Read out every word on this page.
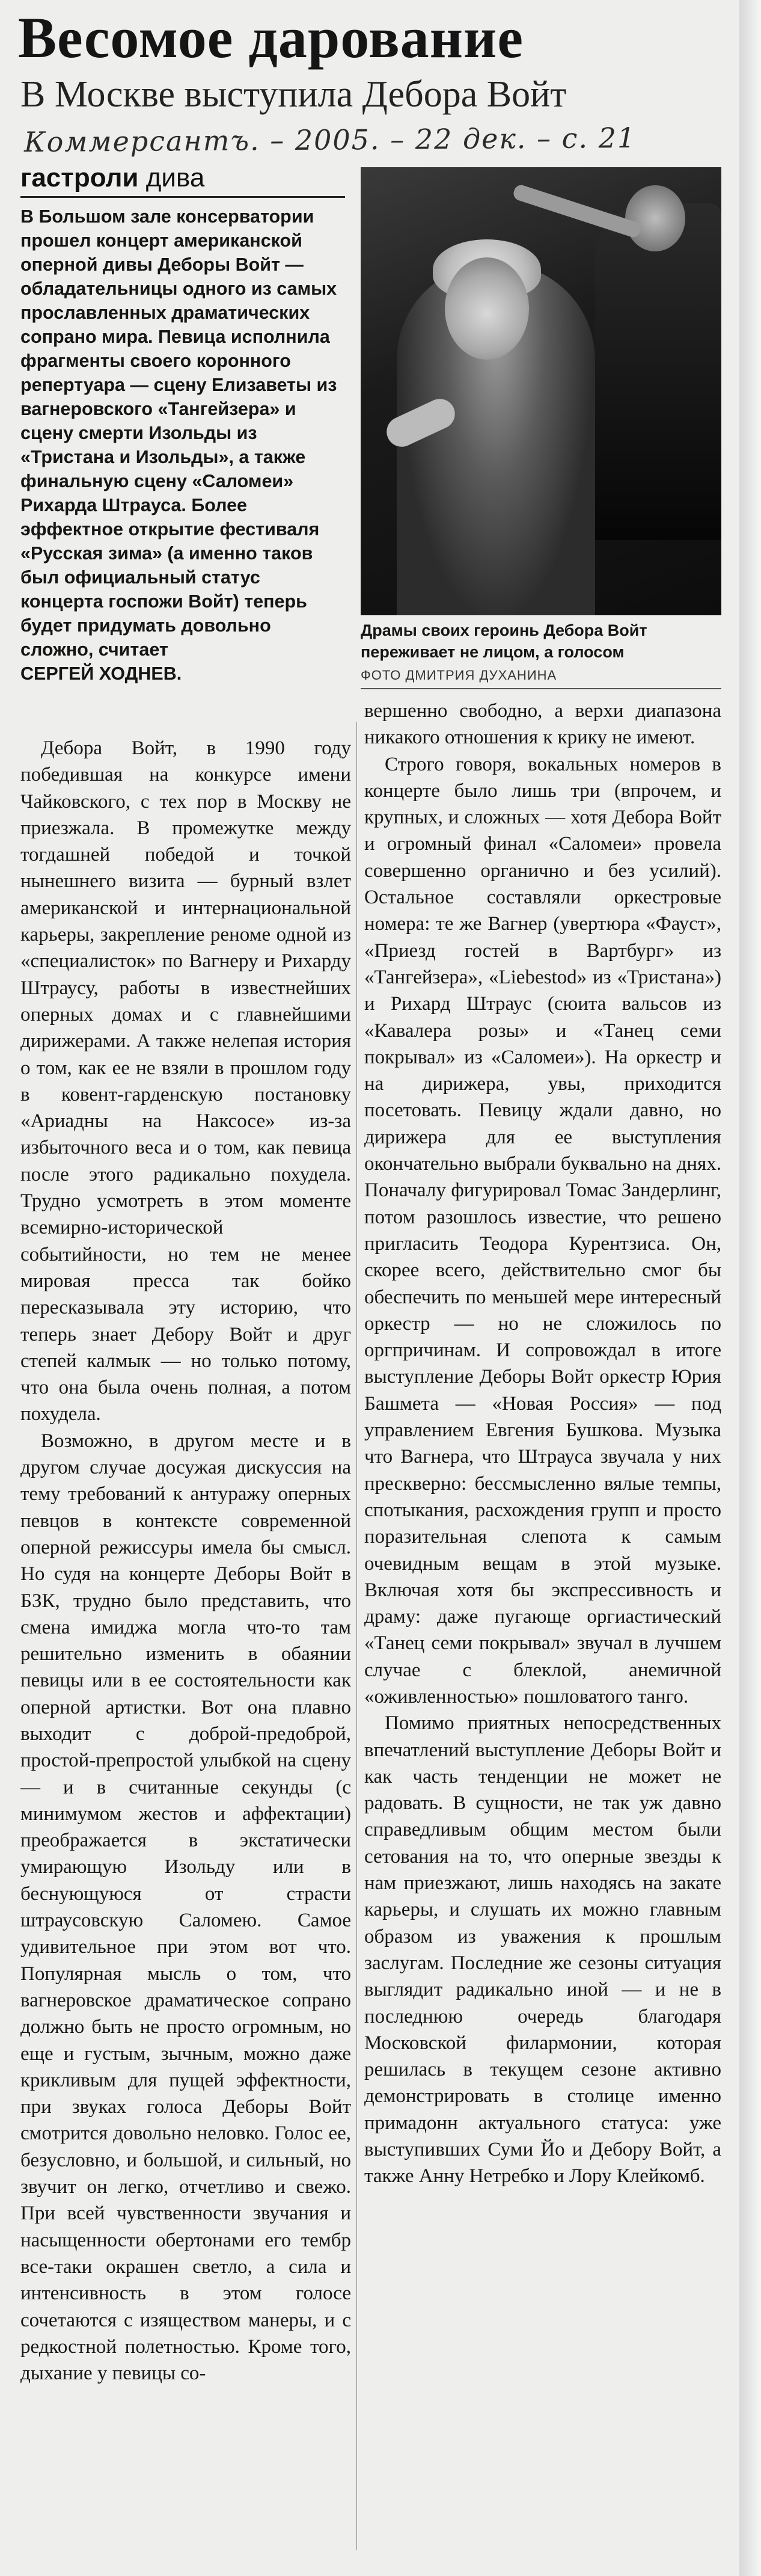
Весомое дарование
В Москве выступила Дебора Войт
Коммерсантъ. – 2005. – 22 дек. – с. 21
гастроли дива
В Большом зале консерватории прошел концерт американской оперной дивы Деборы Войт — обладательницы одного из самых прославленных драматических сопрано мира. Певица исполнила фрагменты своего коронного репертуара — сцену Елизаветы из вагнеровского «Тангейзера» и сцену смерти Изольды из «Тристана и Изольды», а также финальную сцену «Саломеи» Рихарда Штрауса. Более эффектное открытие фестиваля «Русская зима» (а именно таков был официальный статус концерта госпожи Войт) теперь будет придумать довольно сложно, считает
СЕРГЕЙ ХОДНЕВ.
Драмы своих героинь Дебора Войт переживает не лицом, а голосом
ФОТО ДМИТРИЯ ДУХАНИНА

Дебора Войт, в 1990 году победившая на конкурсе имени Чайковского, с тех пор в Москву не приезжала. В промежутке между тогдашней победой и точкой нынешнего визита — бурный взлет американской и интернациональной карьеры, закрепление реноме одной из «специалисток» по Вагнеру и Рихарду Штраусу, работы в известнейших оперных домах и с главнейшими дирижерами. А также нелепая история о том, как ее не взяли в прошлом году в ковент-гарденскую постановку «Ариадны на Наксосе» из-за избыточного веса и о том, как певица после этого радикально похудела. Трудно усмотреть в этом моменте всемирно-исторической событийности, но тем не менее мировая пресса так бойко пересказывала эту историю, что теперь знает Дебору Войт и друг степей калмык — но только потому, что она была очень полная, а потом похудела.

Возможно, в другом месте и в другом случае досужая дискуссия на тему требований к антуражу оперных певцов в контексте современной оперной режиссуры имела бы смысл. Но судя на концерте Деборы Войт в БЗК, трудно было представить, что смена имиджа могла что-то там решительно изменить в обаянии певицы или в ее состоятельности как оперной артистки. Вот она плавно выходит с доброй-предоброй, простой-препростой улыбкой на сцену — и в считанные секунды (с минимумом жестов и аффектации) преображается в экстатически умирающую Изольду или в беснующуюся от страсти штраусовскую Саломею. Самое удивительное при этом вот что. Популярная мысль о том, что вагнеровское драматическое сопрано должно быть не просто огромным, но еще и густым, зычным, можно даже крикливым для пущей эффектности, при звуках голоса Деборы Войт смотрится довольно неловко. Голос ее, безусловно, и большой, и сильный, но звучит он легко, отчетливо и свежо. При всей чувственности звучания и насыщенности обертонами его тембр все-таки окрашен светло, а сила и интенсивность в этом голосе сочетаются с изяществом манеры, и с редкостной полетностью. Кроме того, дыхание у певицы со-

вершенно свободно, а верхи диапазона никакого отношения к крику не имеют.

Строго говоря, вокальных номеров в концерте было лишь три (впрочем, и крупных, и сложных — хотя Дебора Войт и огромный финал «Саломеи» провела совершенно органично и без усилий). Остальное составляли оркестровые номера: те же Вагнер (увертюра «Фауст», «Приезд гостей в Вартбург» из «Тангейзера», «Liebestod» из «Тристана») и Рихард Штраус (сюита вальсов из «Кавалера розы» и «Танец семи покрывал» из «Саломеи»). На оркестр и на дирижера, увы, приходится посетовать. Певицу ждали давно, но дирижера для ее выступления окончательно выбрали буквально на днях. Поначалу фигурировал Томас Зандерлинг, потом разошлось известие, что решено пригласить Теодора Курентзиса. Он, скорее всего, действительно смог бы обеспечить по меньшей мере интересный оркестр — но не сложилось по оргпричинам. И сопровождал в итоге выступление Деборы Войт оркестр Юрия Башмета — «Новая Россия» — под управлением Евгения Бушкова. Музыка что Вагнера, что Штрауса звучала у них прескверно: бессмысленно вялые темпы, спотыкания, расхождения групп и просто поразительная слепота к самым очевидным вещам в этой музыке. Включая хотя бы экспрессивность и драму: даже пугающе оргиастический «Танец семи покрывал» звучал в лучшем случае с блеклой, анемичной «оживленностью» пошловатого танго.

Помимо приятных непосредственных впечатлений выступление Деборы Войт и как часть тенденции не может не радовать. В сущности, не так уж давно справедливым общим местом были сетования на то, что оперные звезды к нам приезжают, лишь находясь на закате карьеры, и слушать их можно главным образом из уважения к прошлым заслугам. Последние же сезоны ситуация выглядит радикально иной — и не в последнюю очередь благодаря Московской филармонии, которая решилась в текущем сезоне активно демонстрировать в столице именно примадонн актуального статуса: уже выступивших Суми Йо и Дебору Войт, а также Анну Нетребко и Лору Клейкомб.
